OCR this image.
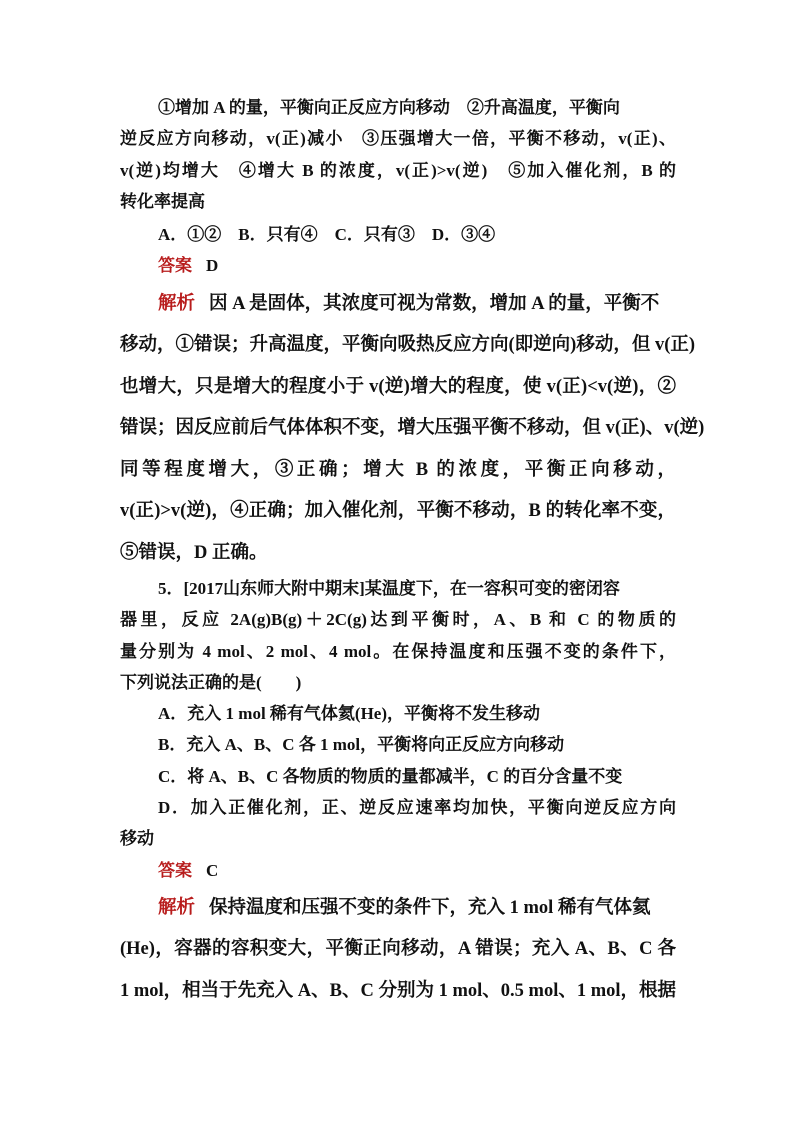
①增加 A 的量，平衡向正反应方向移动　②升高温度，平衡向
逆反应方向移动，v(正)减小　③压强增大一倍，平衡不移动，v(正)、
v(逆)均增大　④增大 B 的浓度，v(正)>v(逆)　⑤加入催化剂，B 的
转化率提高
A．①②　B．只有④　C．只有③　D．③④
答案 D
解析 因 A 是固体，其浓度可视为常数，增加 A 的量，平衡不
移动，①错误；升高温度，平衡向吸热反应方向(即逆向)移动，但 v(正)
也增大，只是增大的程度小于 v(逆)增大的程度，使 v(正)<v(逆)，②
错误；因反应前后气体体积不变，增大压强平衡不移动，但 v(正)、v(逆)
同等程度增大，③正确；增大 B 的浓度，平衡正向移动，
v(正)>v(逆)，④正确；加入催化剂，平衡不移动，B 的转化率不变，
⑤错误，D 正确。
5．[2017山东师大附中期末]某温度下，在一容积可变的密闭容
器里，反应 2A(g)B(g)＋2C(g)达到平衡时，A、B 和 C 的物质的
量分别为 4 mol、2 mol、4 mol。在保持温度和压强不变的条件下，
下列说法正确的是(　　)
A．充入 1 mol 稀有气体氦(He)，平衡将不发生移动
B．充入 A、B、C 各 1 mol，平衡将向正反应方向移动
C．将 A、B、C 各物质的物质的量都减半，C 的百分含量不变
D．加入正催化剂，正、逆反应速率均加快，平衡向逆反应方向
移动
答案 C
解析 保持温度和压强不变的条件下，充入 1 mol 稀有气体氦
(He)，容器的容积变大，平衡正向移动，A 错误；充入 A、B、C 各
1 mol，相当于先充入 A、B、C 分别为 1 mol、0.5 mol、1 mol，根据
